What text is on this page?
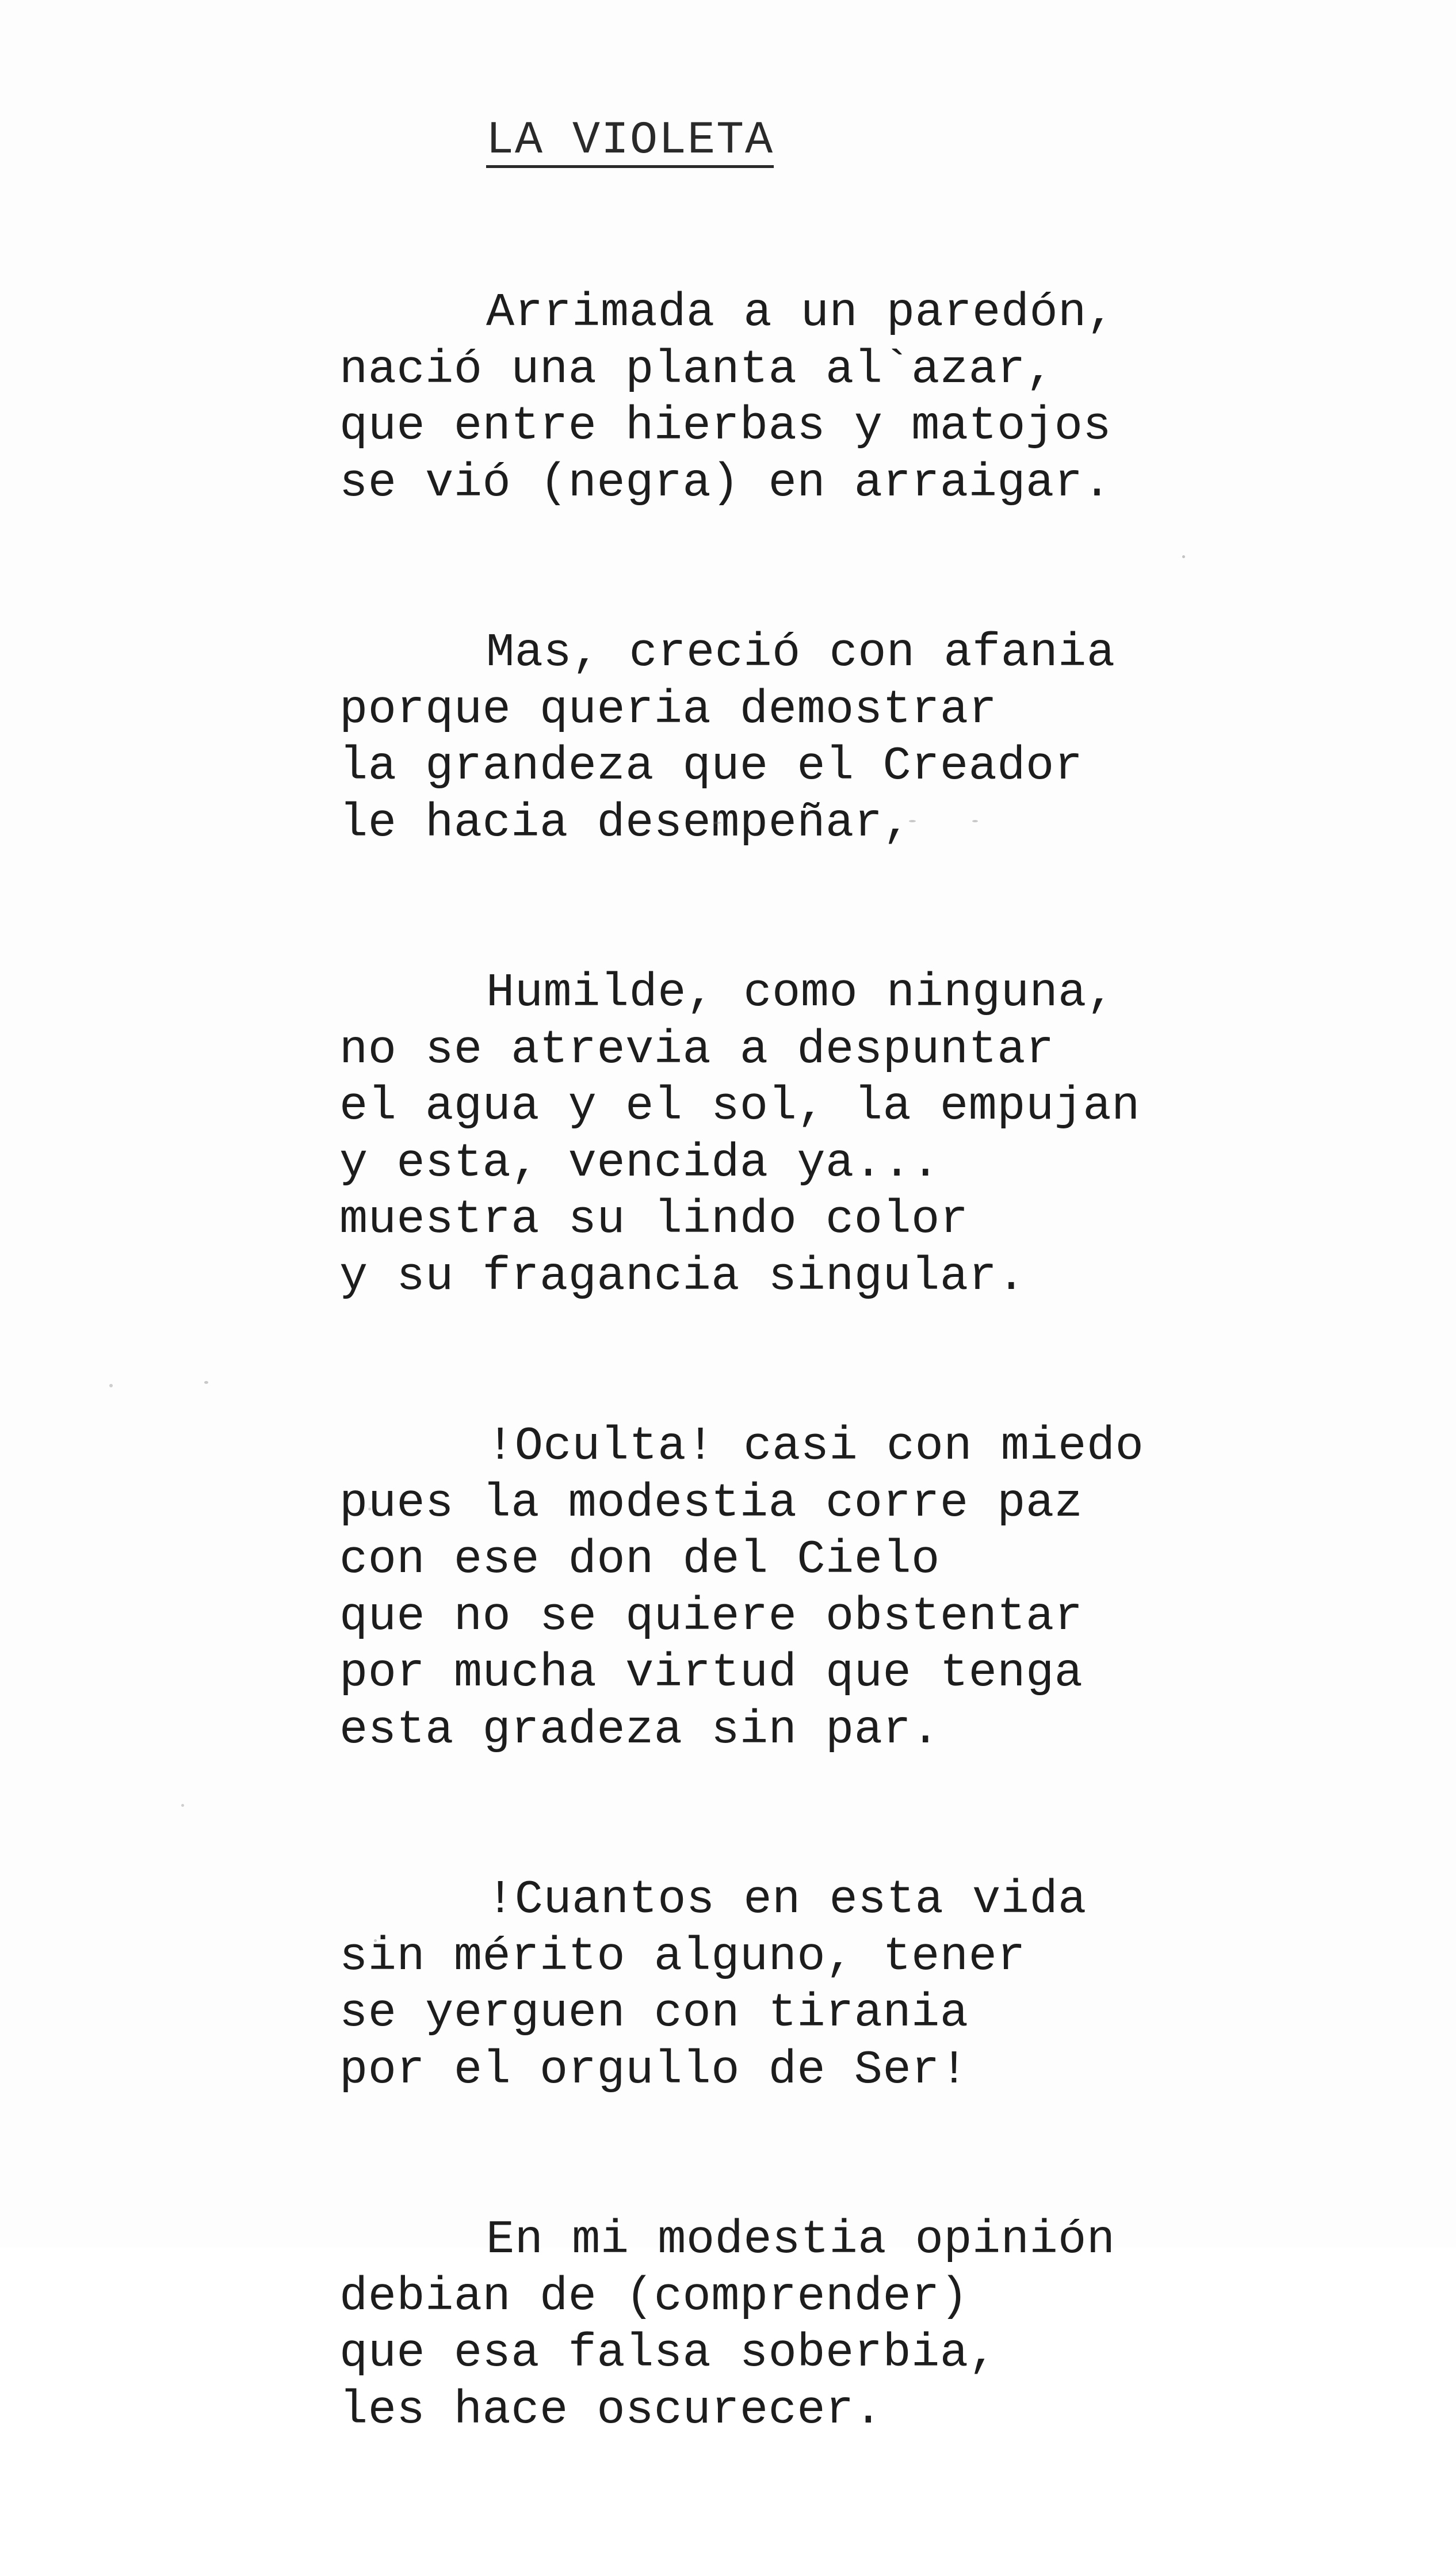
LA VIOLETA
Arrimada a un paredón,
nació una planta al`azar,
que entre hierbas y matojos
se vió (negra) en arraigar.
Mas, creció con afania
porque queria demostrar
la grandeza que el Creador
le hacia desempeñar,
Humilde, como ninguna,
no se atrevia a despuntar
el agua y el sol, la empujan
y esta, vencida ya...
muestra su lindo color
y su fragancia singular.
!Oculta! casi con miedo
pues la modestia corre paz
con ese don del Cielo
que no se quiere obstentar
por mucha virtud que tenga
esta gradeza sin par.
!Cuantos en esta vida
sin mérito alguno, tener
se yerguen con tirania
por el orgullo de Ser!
En mi modestia opinión
debian de (comprender)
que esa falsa soberbia,
les hace oscurecer.
